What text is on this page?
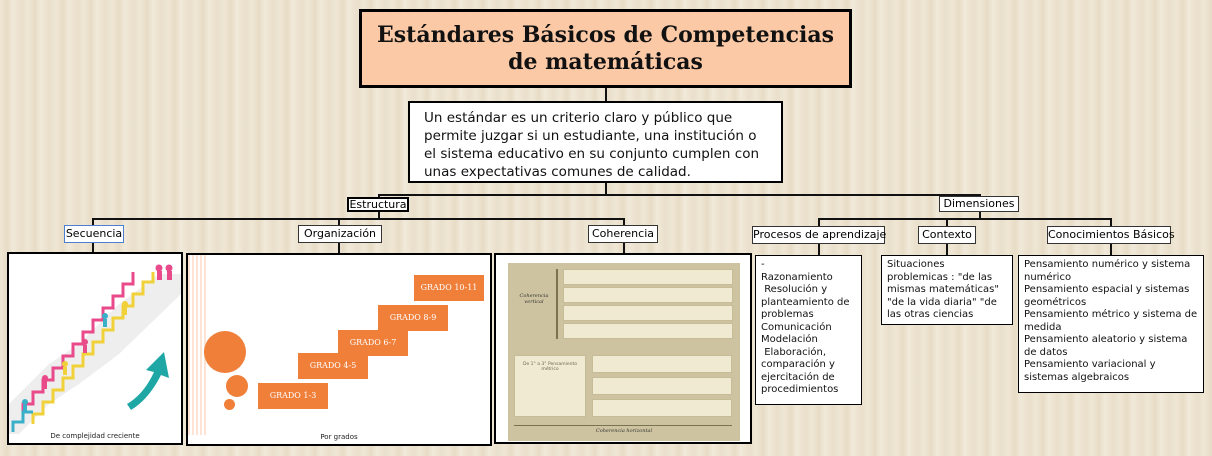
Estándares Básicos de Competencias de matemáticas
Un estándar es un criterio claro y público que permite juzgar si un estudiante, una institución o el sistema educativo en su conjunto cumplen con unas expectativas comunes de calidad.
Estructura	Dimensiones
Secuencia	Organización	Coherencia	Procesos de aprendizaje	Contexto	Conocimientos Básicos
De complejidad creciente
GRADO 1-3
GRADO 4-5
GRADO 6-7
GRADO 8-9
GRADO 10-11
Por grados
Coherencia vertical
De 1° a 3° Pensamiento métrico
Coherencia horizontal
-
Razonamiento
Resolución y planteamiento de problemas
Comunicación
Modelación
Elaboración, comparación y ejercitación de procedimientos
Situaciones problemicas : "de las mismas matemáticas" "de la vida diaria" "de las otras ciencias
Pensamiento numérico y sistema numérico
Pensamiento espacial y sistemas geométricos
Pensamiento métrico y sistema de medida
Pensamiento aleatorio y sistema de datos
Pensamiento variacional y sistemas algebraicos
